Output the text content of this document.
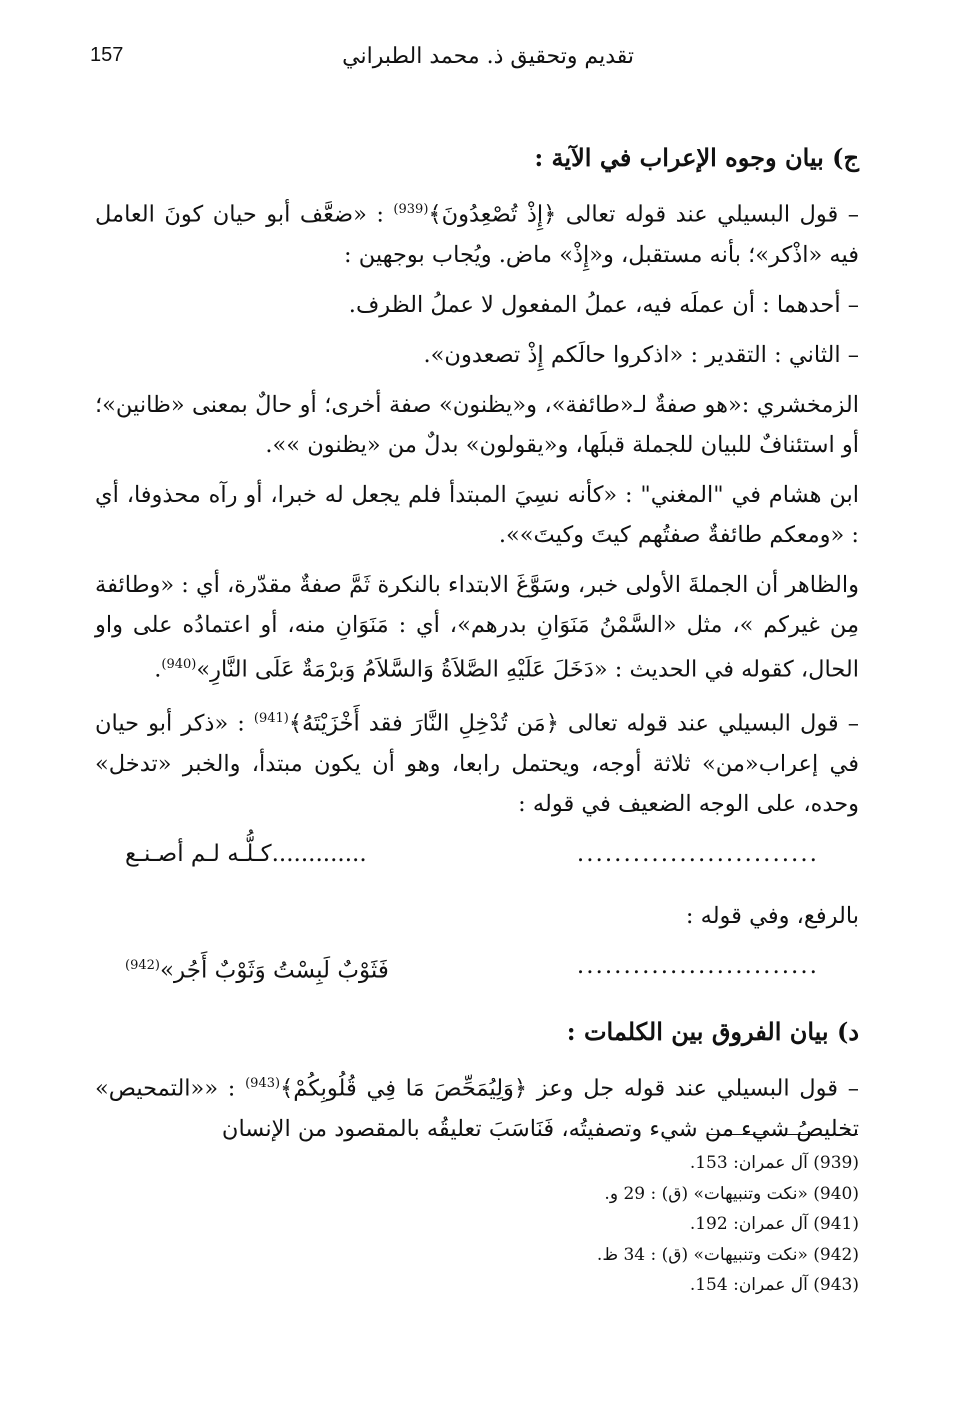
157	تقديم وتحقيق ذ. محمد الطبراني
ج) بيان وجوه الإعراب في الآية :

– قول البسيلي عند قوله تعالى ﴿إِذْ تُصْعِدُونَ﴾$^{(939)}$ : «ضعَّف أبو حيان كونَ العامل فيه «اذْكر»؛ بأنه مستقبل، و«إِذْ» ماض. ويُجاب بوجهين :

– أحدهما : أن عملَه فيه، عملُ المفعول لا عملُ الظرف.

– الثاني : التقدير : «اذكروا حالَكم إِذْ تصعدون».

الزمخشري :«هو صفةٌ لـ«طائفة»، و«يظنون» صفة أخرى؛ أو حالٌ بمعنى «ظانين»؛ أو استئنافٌ للبيان للجملة قبلَها، و«يقولون» بدلٌ من «يظنون »».

ابن هشام في "المغني" : «كأنه نسِيَ المبتدأ فلم يجعل له خبرا، أو رآه محذوفا، أي : «ومعكم طائفةٌ صفتُهم كيتَ وكيتَ»».

والظاهر أن الجملةَ الأولى خبر، وسَوَّغَ الابتداء بالنكرة ثَمَّ صفةٌ مقدّرة، أي : «وطائفة مِن غيركم »، مثل «السَّمْنُ مَنَوَانِ بدرهم»، أي : مَنَوَانِ منه، أو اعتمادُه على واو الحال، كقوله في الحديث : «دَخَلَ عَلَيْهِ الصَّلاَةُ وَالسَّلاَمُ وَبرْمَةٌ عَلَى النَّارِ»$^{(940)}$.

– قول البسيلي عند قوله تعالى ﴿مَن تُدْخِلِ النَّارَ فقد أَخْزَيْتَهُ﴾$^{(941)}$ : «ذكر أبو حيان في إعراب«من» ثلاثة أوجه، ويحتمل رابعا، وهو أن يكون مبتدأ، والخبر «تدخل» وحده، على الوجه الضعيف في قوله :

..........................
.............كـلُّـه لـم أصـنـع

بالرفع، وفي قوله :

..........................
فَثَوْبٌ لَبِسْتُ وَثَوْبٌ أَجُر»$^{(942)}$
د) بيان الفروق بين الكلمات :

– قول البسيلي عند قوله جل وعز ﴿وَلِيُمَحِّصَ مَا فِي قُلُوبِكُمْ﴾$^{(943)}$ : ««التمحيص» تخليصُ شيء من شيء وتصفيتُه، فَنَاسَبَ تعليقُه بالمقصود من الإنسان

(939) آل عمران: 153.

(940) «نكت وتنبيهات» (ق) : 29 و.

(941) آل عمران: 192.

(942) «نكت وتنبيهات» (ق) : 34 ظ.

(943) آل عمران: 154.
